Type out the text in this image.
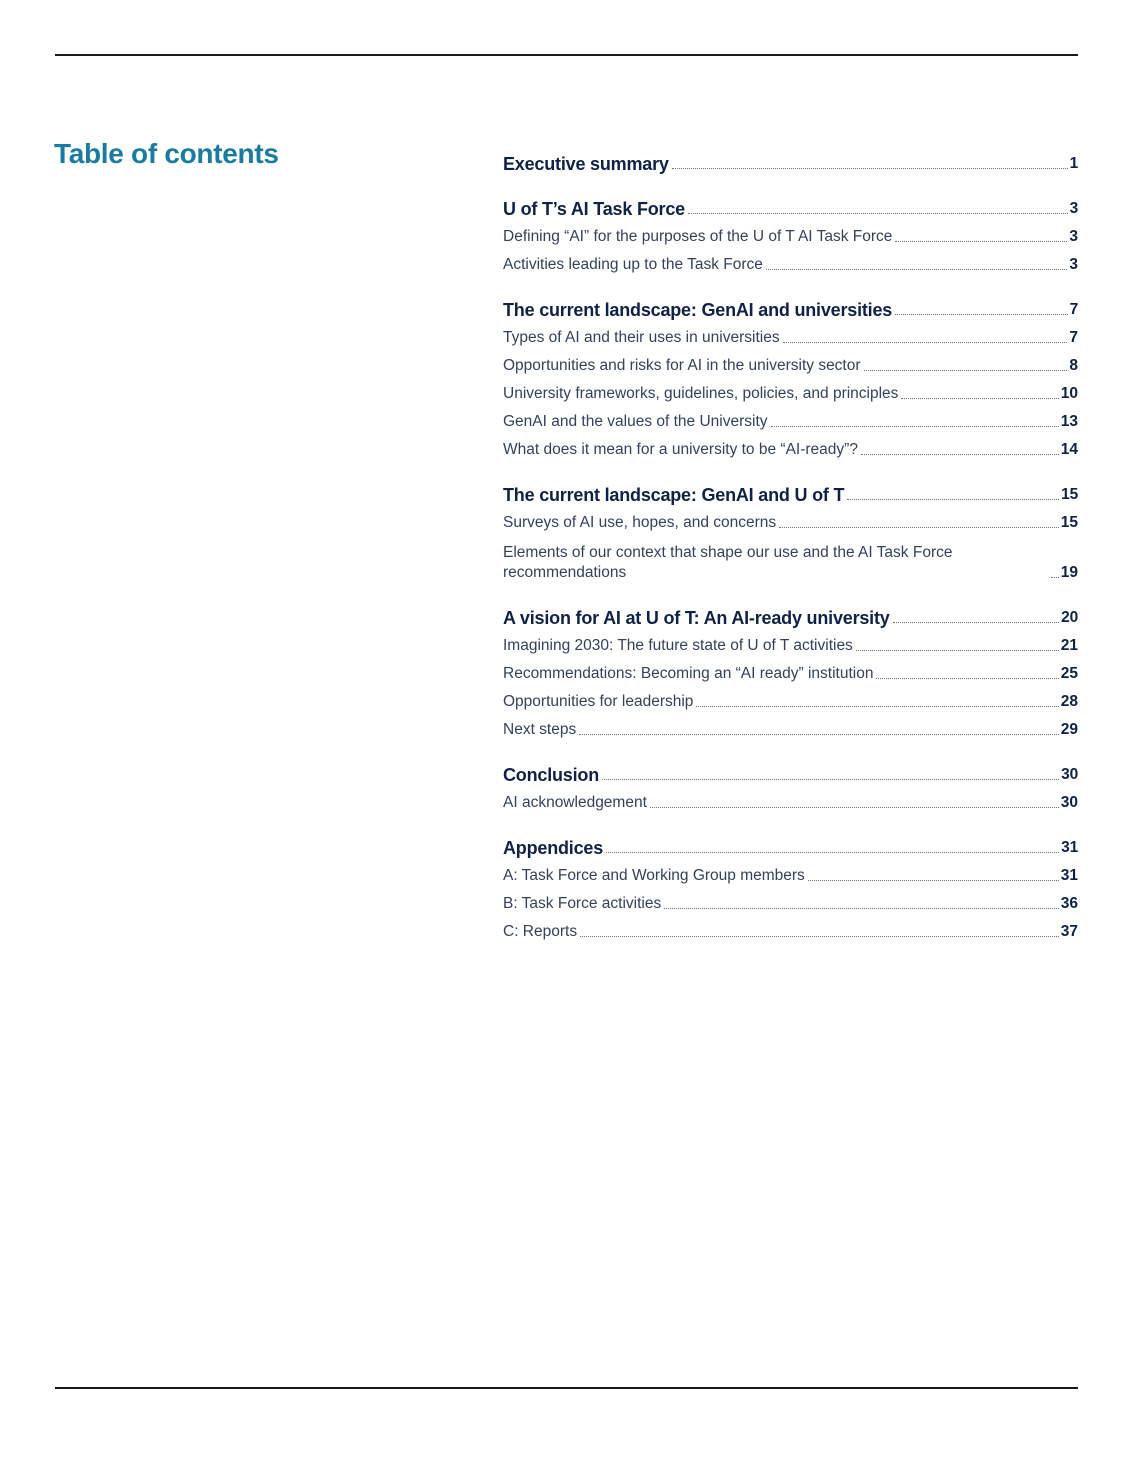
Table of contents	Executive summary	1
U of T’s AI Task Force	3
Defining “AI” for the purposes of the U of T AI Task Force	3
Activities leading up to the Task Force	3
The current landscape: GenAI and universities	7
Types of AI and their uses in universities	7
Opportunities and risks for AI in the university sector	8
University frameworks, guidelines, policies, and principles	10
GenAI and the values of the University	13
What does it mean for a university to be “AI-ready”?	14
The current landscape: GenAI and U of T	15
Surveys of AI use, hopes, and concerns	15
Elements of our context that shape our use and the AI Task Force recommendations	19
A vision for AI at U of T: An AI-ready university	20
Imagining 2030: The future state of U of T activities	21
Recommendations: Becoming an “AI ready” institution	25
Opportunities for leadership	28
Next steps	29
Conclusion	30
AI acknowledgement	30
Appendices	31
A: Task Force and Working Group members	31
B: Task Force activities	36
C: Reports	37
